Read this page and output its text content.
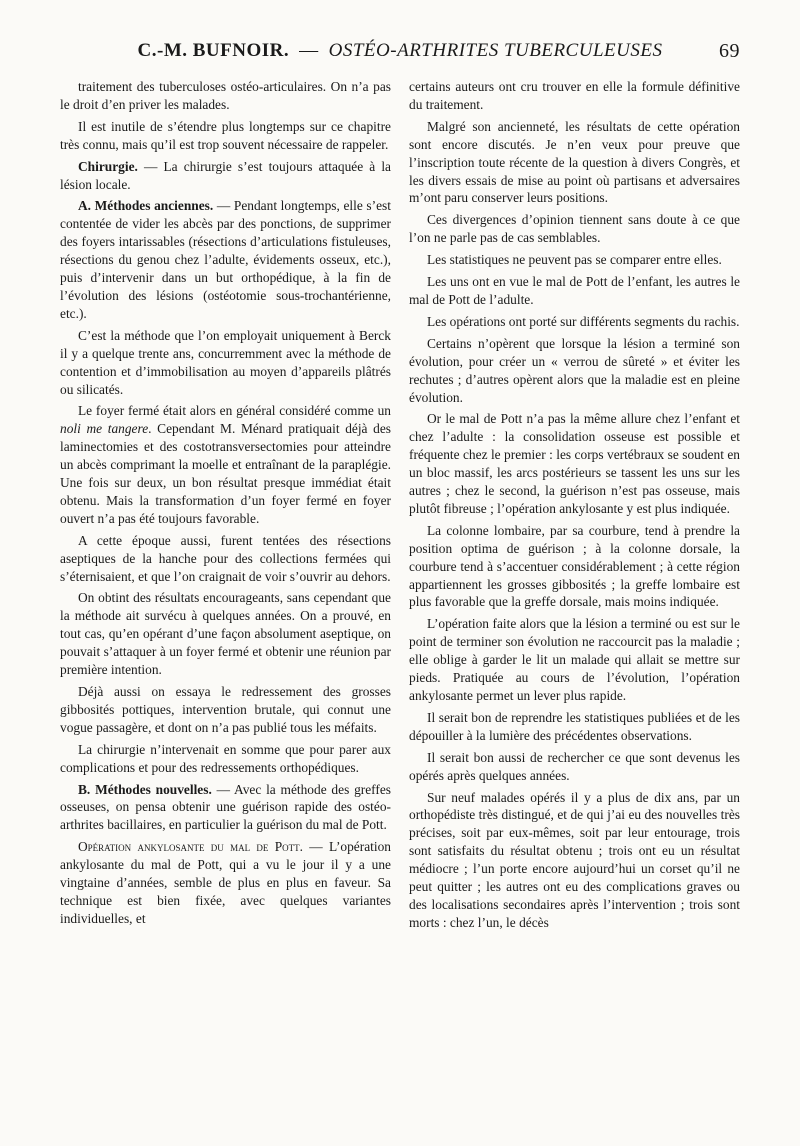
C.-M. BUFNOIR. — OSTÉO-ARTHRITES TUBERCULEUSES	69

traitement des tuberculoses ostéo-articulaires. On n’a pas le droit d’en priver les malades.

Il est inutile de s’étendre plus longtemps sur ce chapitre très connu, mais qu’il est trop souvent nécessaire de rappeler.

Chirurgie. — La chirurgie s’est toujours attaquée à la lésion locale.

A. Méthodes anciennes. — Pendant longtemps, elle s’est contentée de vider les abcès par des ponctions, de supprimer des foyers intarissables (résections d’articulations fistuleuses, résections du genou chez l’adulte, évidements osseux, etc.), puis d’intervenir dans un but orthopédique, à la fin de l’évolution des lésions (ostéotomie sous-trochantérienne, etc.).

C’est la méthode que l’on employait uniquement à Berck il y a quelque trente ans, concurremment avec la méthode de contention et d’immobilisation au moyen d’appareils plâtrés ou silicatés.

Le foyer fermé était alors en général considéré comme un noli me tangere. Cependant M. Ménard pratiquait déjà des laminectomies et des costotransversectomies pour atteindre un abcès comprimant la moelle et entraînant de la paraplégie. Une fois sur deux, un bon résultat presque immédiat était obtenu. Mais la transformation d’un foyer fermé en foyer ouvert n’a pas été toujours favorable.

A cette époque aussi, furent tentées des résections aseptiques de la hanche pour des collections fermées qui s’éternisaient, et que l’on craignait de voir s’ouvrir au dehors.

On obtint des résultats encourageants, sans cependant que la méthode ait survécu à quelques années. On a prouvé, en tout cas, qu’en opérant d’une façon absolument aseptique, on pouvait s’attaquer à un foyer fermé et obtenir une réunion par première intention.

Déjà aussi on essaya le redressement des grosses gibbosités pottiques, intervention brutale, qui connut une vogue passagère, et dont on n’a pas publié tous les méfaits.

La chirurgie n’intervenait en somme que pour parer aux complications et pour des redressements orthopédiques.

B. Méthodes nouvelles. — Avec la méthode des greffes osseuses, on pensa obtenir une guérison rapide des ostéo-arthrites bacillaires, en particulier la guérison du mal de Pott.

Opération ankylosante du mal de Pott. — L’opération ankylosante du mal de Pott, qui a vu le jour il y a une vingtaine d’années, semble de plus en plus en faveur. Sa technique est bien fixée, avec quelques variantes individuelles, et

certains auteurs ont cru trouver en elle la formule définitive du traitement.

Malgré son ancienneté, les résultats de cette opération sont encore discutés. Je n’en veux pour preuve que l’inscription toute récente de la question à divers Congrès, et les divers essais de mise au point où partisans et adversaires m’ont paru conserver leurs positions.

Ces divergences d’opinion tiennent sans doute à ce que l’on ne parle pas de cas semblables.

Les statistiques ne peuvent pas se comparer entre elles.

Les uns ont en vue le mal de Pott de l’enfant, les autres le mal de Pott de l’adulte.

Les opérations ont porté sur différents segments du rachis.

Certains n’opèrent que lorsque la lésion a terminé son évolution, pour créer un « verrou de sûreté » et éviter les rechutes ; d’autres opèrent alors que la maladie est en pleine évolution.

Or le mal de Pott n’a pas la même allure chez l’enfant et chez l’adulte : la consolidation osseuse est possible et fréquente chez le premier : les corps vertébraux se soudent en un bloc massif, les arcs postérieurs se tassent les uns sur les autres ; chez le second, la guérison n’est pas osseuse, mais plutôt fibreuse ; l’opération ankylosante y est plus indiquée.

La colonne lombaire, par sa courbure, tend à prendre la position optima de guérison ; à la colonne dorsale, la courbure tend à s’accentuer considérablement ; à cette région appartiennent les grosses gibbosités ; la greffe lombaire est plus favorable que la greffe dorsale, mais moins indiquée.

L’opération faite alors que la lésion a terminé ou est sur le point de terminer son évolution ne raccourcit pas la maladie ; elle oblige à garder le lit un malade qui allait se mettre sur pieds. Pratiquée au cours de l’évolution, l’opération ankylosante permet un lever plus rapide.

Il serait bon de reprendre les statistiques publiées et de les dépouiller à la lumière des précédentes observations.

Il serait bon aussi de rechercher ce que sont devenus les opérés après quelques années.

Sur neuf malades opérés il y a plus de dix ans, par un orthopédiste très distingué, et de qui j’ai eu des nouvelles très précises, soit par eux-mêmes, soit par leur entourage, trois sont satisfaits du résultat obtenu ; trois ont eu un résultat médiocre ; l’un porte encore aujourd’hui un corset qu’il ne peut quitter ; les autres ont eu des complications graves ou des localisations secondaires après l’intervention ; trois sont morts : chez l’un, le décès
